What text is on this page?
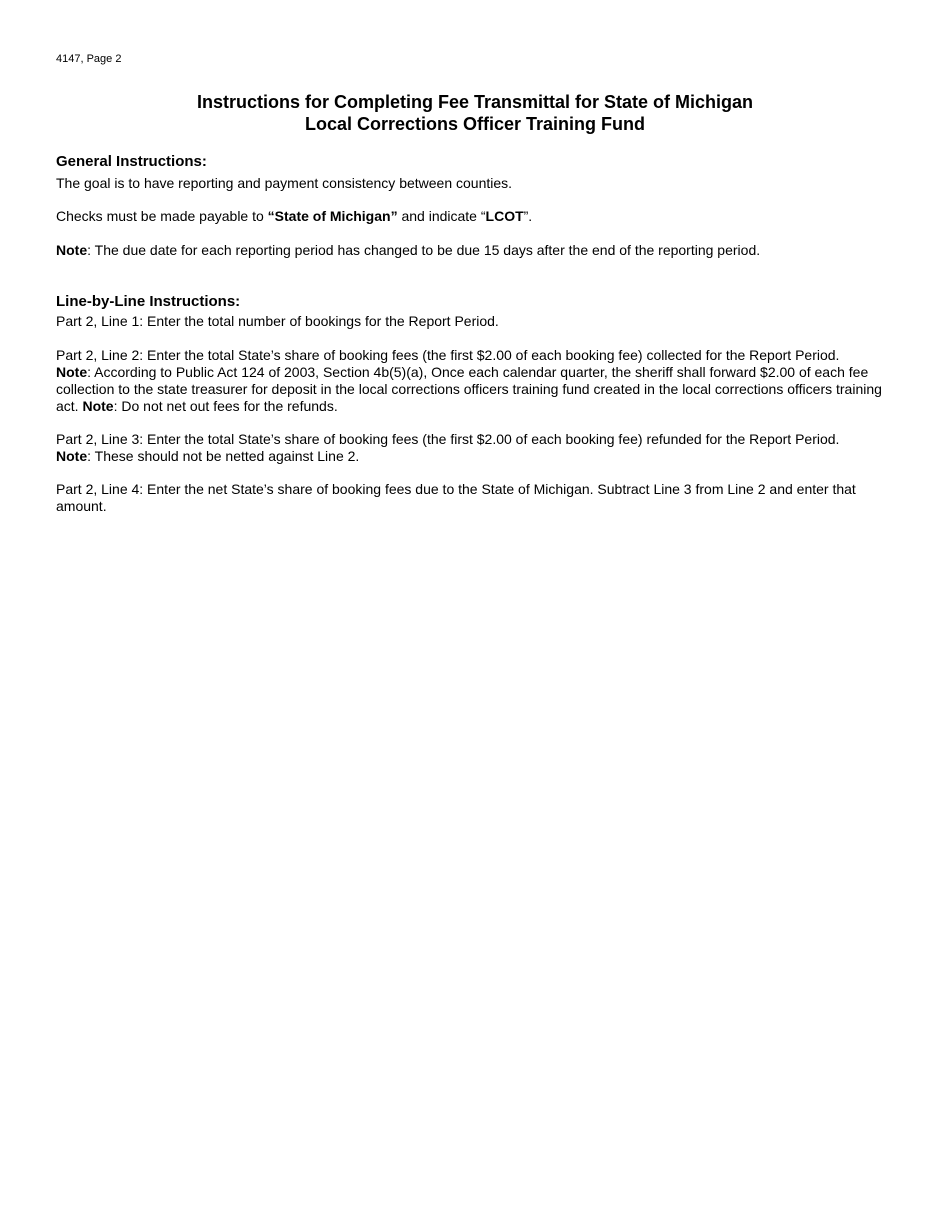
4147, Page 2
Instructions for Completing Fee Transmittal for State of Michigan
Local Corrections Officer Training Fund
General Instructions:
The goal is to have reporting and payment consistency between counties.
Checks must be made payable to “State of Michigan” and indicate “LCOT”.
Note: The due date for each reporting period has changed to be due 15 days after the end of the reporting period.
Line-by-Line Instructions:
Part 2, Line 1: Enter the total number of bookings for the Report Period.
Part 2, Line 2: Enter the total State’s share of booking fees (the first $2.00 of each booking fee) collected for the Report Period.
Note: According to Public Act 124 of 2003, Section 4b(5)(a), Once each calendar quarter, the sheriff shall forward $2.00 of each fee collection to the state treasurer for deposit in the local corrections officers training fund created in the local corrections officers training act. Note: Do not net out fees for the refunds.
Part 2, Line 3: Enter the total State’s share of booking fees (the first $2.00 of each booking fee) refunded for the Report Period.
Note: These should not be netted against Line 2.
Part 2, Line 4: Enter the net State’s share of booking fees due to the State of Michigan. Subtract Line 3 from Line 2 and enter that amount.
